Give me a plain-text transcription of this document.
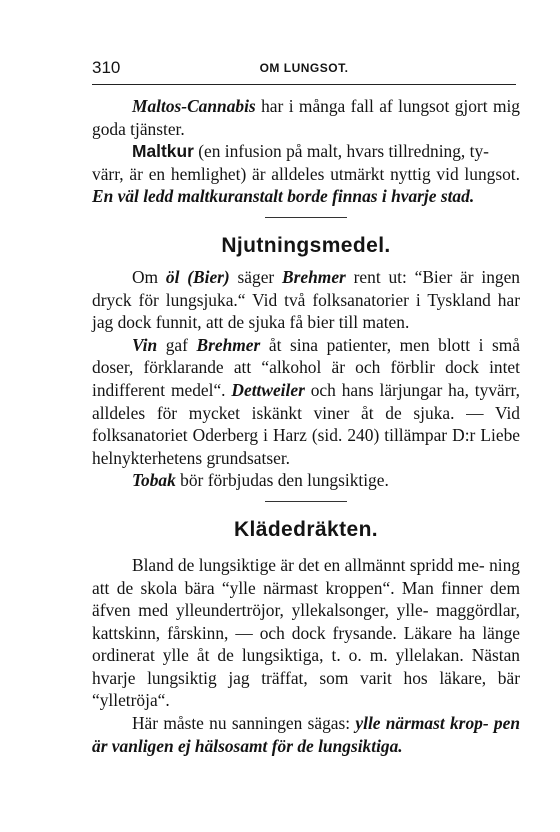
310	OM LUNGSOT.

Maltos-Cannabis har i många fall af lungsot gjort mig goda tjänster.

Maltkur (en infusion på malt, hvars tillredning, ty-
värr, är en hemlighet) är alldeles utmärkt nyttig vid lungsot. En väl ledd maltkuranstalt borde finnas i hvarje stad.

Njutningsmedel.

Om öl (Bier) säger Brehmer rent ut: “Bier är ingen dryck för lungsjuka.“ Vid två folksanatorier i Tyskland har jag dock funnit, att de sjuka få bier till maten.

Vin gaf Brehmer åt sina patienter, men blott i små doser, förklarande att “alkohol är och förblir dock intet indifferent medel“. Dettweiler och hans lärjungar ha, tyvärr, alldeles för mycket iskänkt viner åt de sjuka. — Vid folksanatoriet Oderberg i Harz (sid. 240) tillämpar D:r Liebe helnykterhetens grundsatser.

Tobak bör förbjudas den lungsiktige.

Klädedräkten.

Bland de lungsiktige är det en allmännt spridd me- ning att de skola bära “ylle närmast kroppen“. Man finner dem äfven med ylleundertröjor, yllekalsonger, ylle- maggördlar, kattskinn, fårskinn, — och dock frysande. Läkare ha länge ordinerat ylle åt de lungsiktiga, t. o. m. yllelakan. Nästan hvarje lungsiktig jag träffat, som varit hos läkare, bär “ylletröja“.

Här måste nu sanningen sägas: ylle närmast krop- pen är vanligen ej hälsosamt för de lungsiktiga.
